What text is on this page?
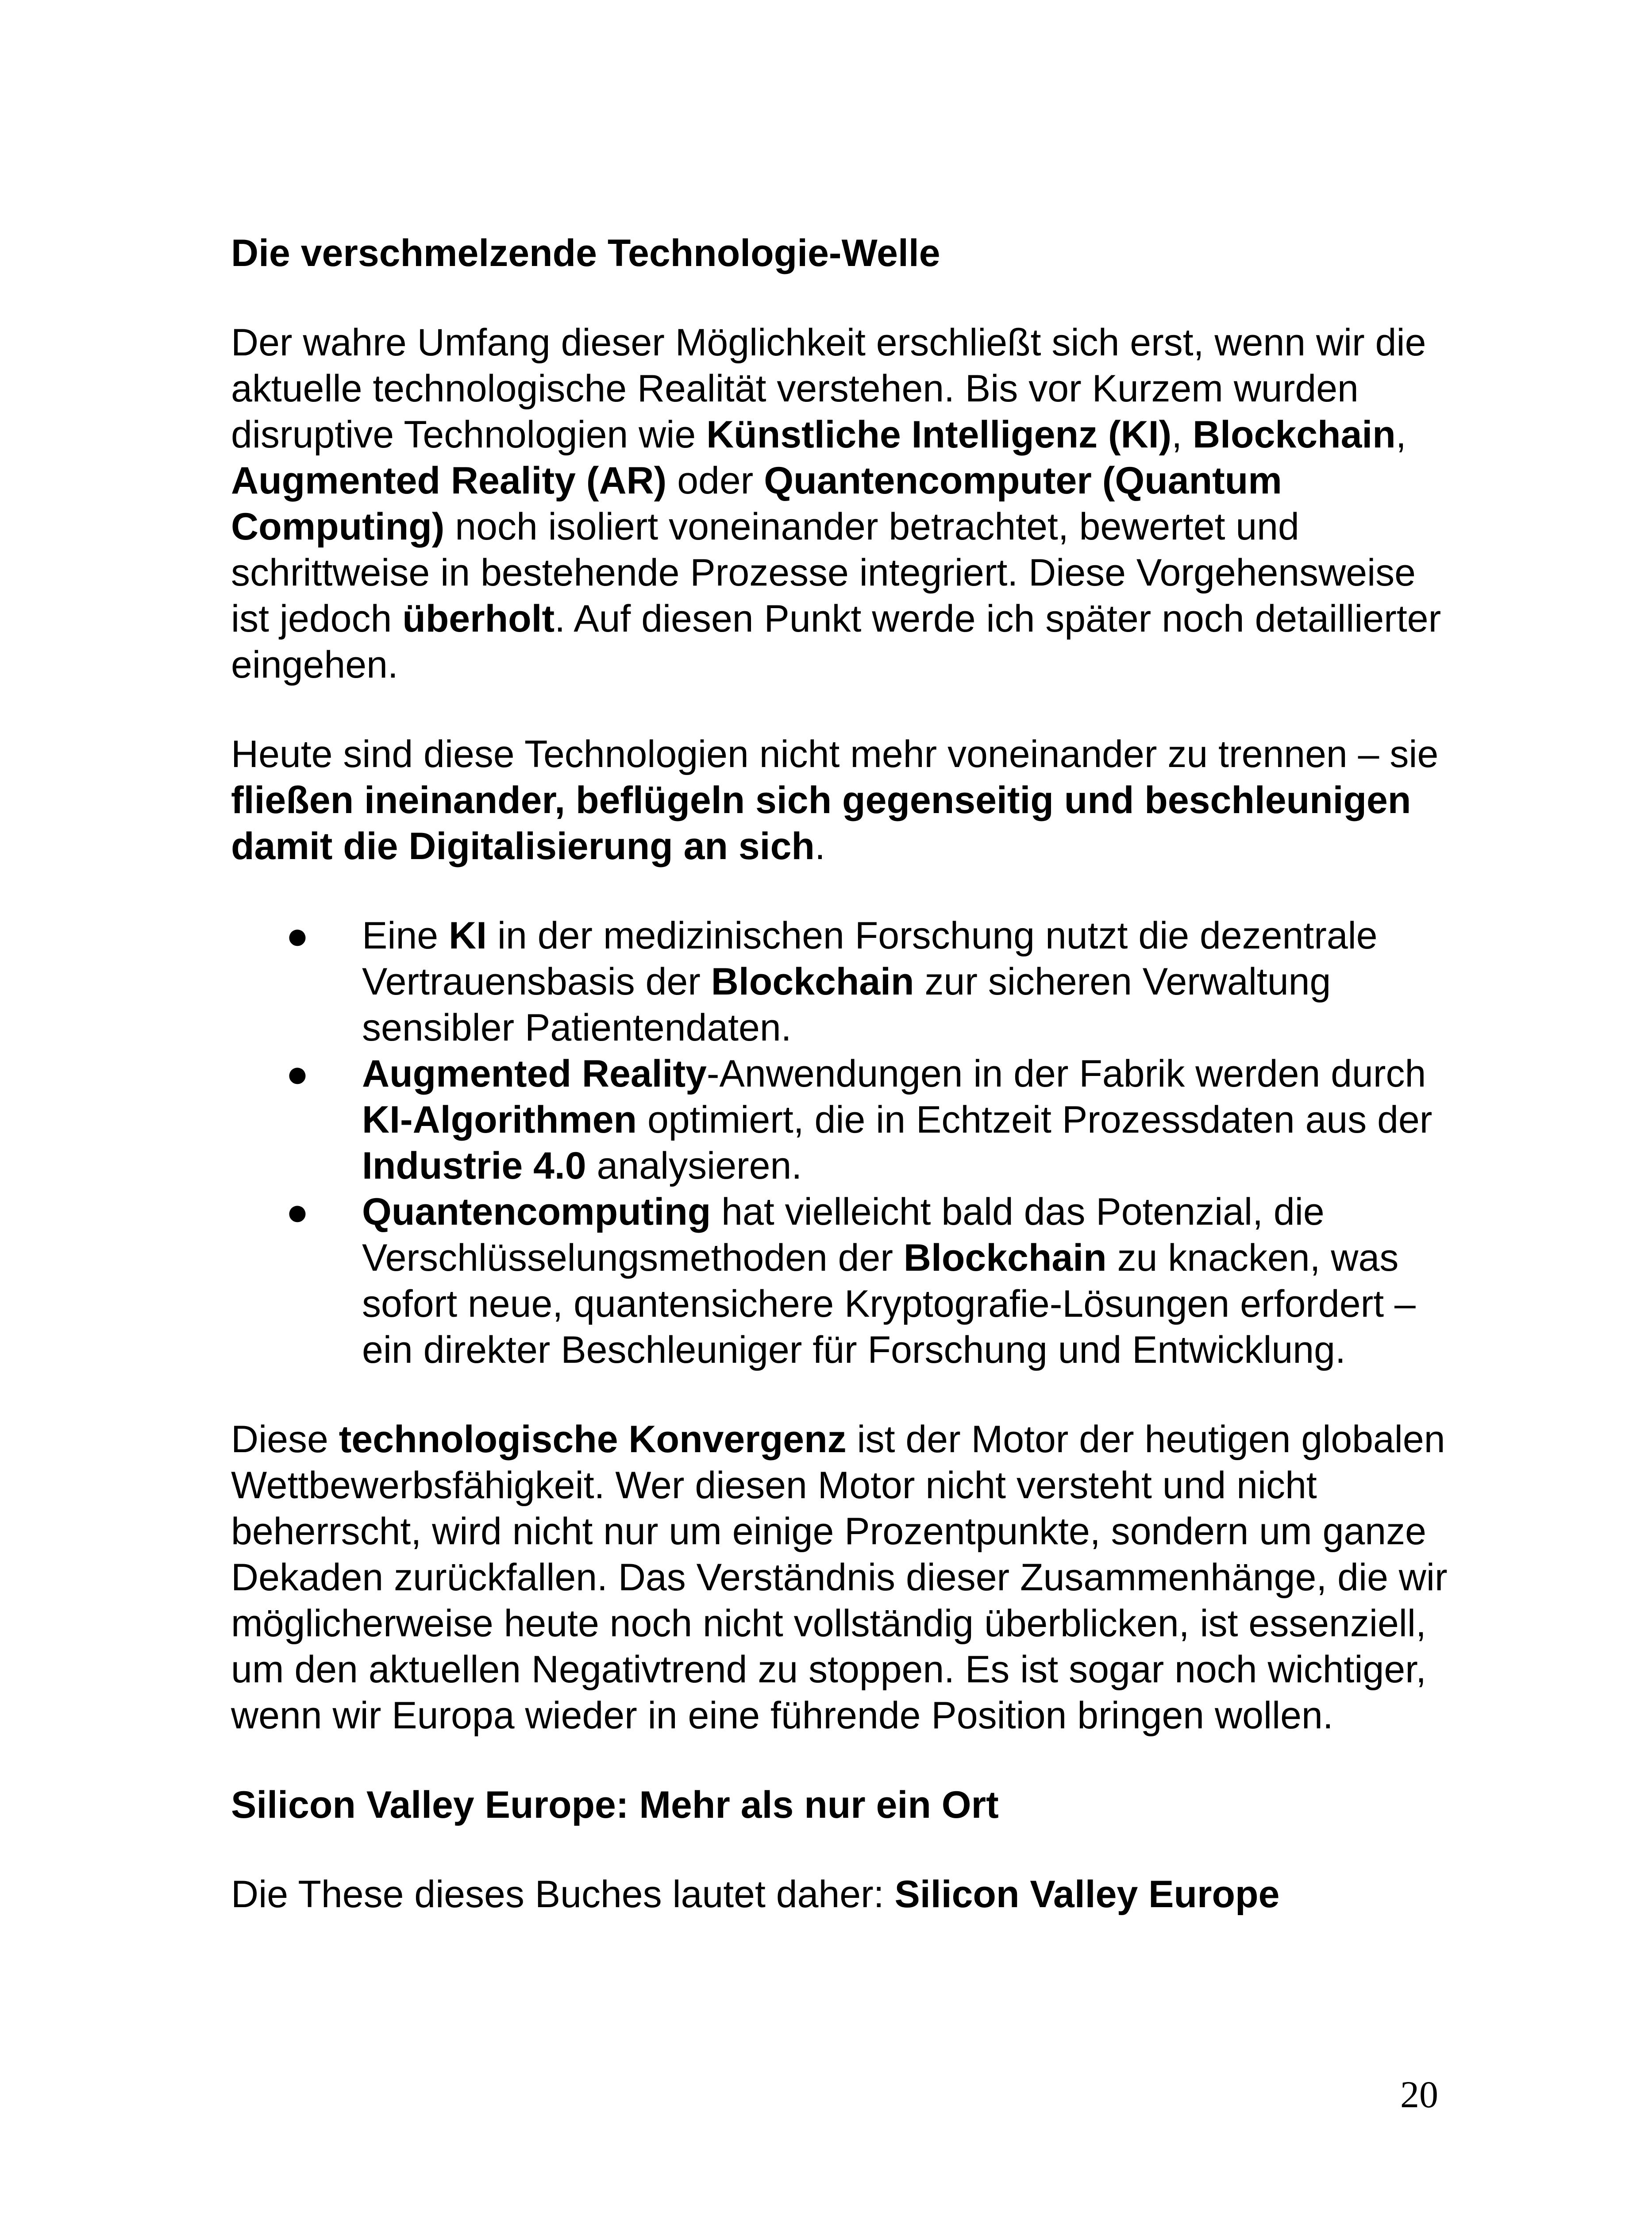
Die verschmelzende Technologie-Welle

Der wahre Umfang dieser Möglichkeit erschließt sich erst, wenn wir die aktuelle technologische Realität verstehen. Bis vor Kurzem wurden disruptive Technologien wie Künstliche Intelligenz (KI), Blockchain, Augmented Reality (AR) oder Quantencomputer (Quantum Computing) noch isoliert voneinander betrachtet, bewertet und schrittweise in bestehende Prozesse integriert. Diese Vorgehensweise ist jedoch überholt. Auf diesen Punkt werde ich später noch detaillierter eingehen.

Heute sind diese Technologien nicht mehr voneinander zu trennen – sie fließen ineinander, beflügeln sich gegenseitig und beschleunigen damit die Digitalisierung an sich.

● Eine KI in der medizinischen Forschung nutzt die dezentrale Vertrauensbasis der Blockchain zur sicheren Verwaltung sensibler Patientendaten.
● Augmented Reality-Anwendungen in der Fabrik werden durch KI-Algorithmen optimiert, die in Echtzeit Prozessdaten aus der Industrie 4.0 analysieren.
● Quantencomputing hat vielleicht bald das Potenzial, die Verschlüsselungsmethoden der Blockchain zu knacken, was sofort neue, quantensichere Kryptografie-Lösungen erfordert – ein direkter Beschleuniger für Forschung und Entwicklung.

Diese technologische Konvergenz ist der Motor der heutigen globalen Wettbewerbsfähigkeit. Wer diesen Motor nicht versteht und nicht beherrscht, wird nicht nur um einige Prozentpunkte, sondern um ganze Dekaden zurückfallen. Das Verständnis dieser Zusammenhänge, die wir möglicherweise heute noch nicht vollständig überblicken, ist essenziell, um den aktuellen Negativtrend zu stoppen. Es ist sogar noch wichtiger, wenn wir Europa wieder in eine führende Position bringen wollen.

Silicon Valley Europe: Mehr als nur ein Ort

Die These dieses Buches lautet daher: Silicon Valley Europe

20
